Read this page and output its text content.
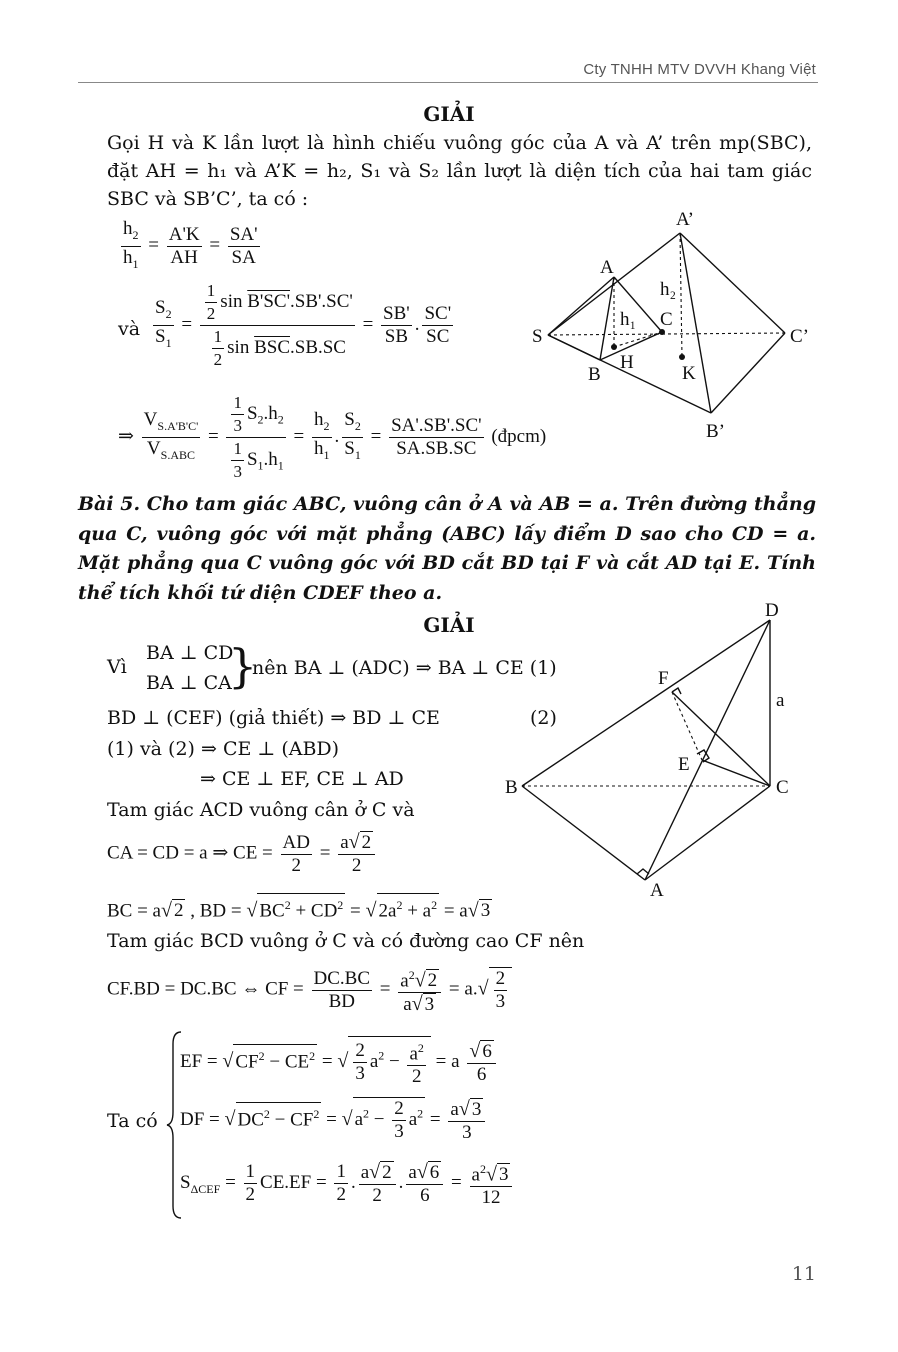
Cty TNHH MTV DVVH Khang Việt
GIẢI
Gọi H và K lần lượt là hình chiếu vuông góc của A và A’ trên mp(SBC), đặt AH = h₁ và A’K = h₂, S₁ và S₂ lần lượt là diện tích của hai tam giác SBC và SB’C’, ta có :
$\frac{h_2}{h_1} = \frac{A'K}{AH} = \frac{SA'}{SA}$
và $\frac{S_2}{S_1} = \frac{\frac{1}{2} \sin B'SC'.SB'.SC'}{\frac{1}{2} \sin \overline{BSC}.SB.SC} = \frac{SB'}{SB}$ . $\frac{SC'}{SC}$
⇒ $\frac{V_{S.A'B'C'}}{V_{S.ABC}} = \frac{\frac{1}{3} S_2.h_2}{\frac{1}{3} S_1.h_1} = \frac{h_2}{h_1}$ . $\frac{S_2}{S_1} = \frac{SA'.SB'.SC'}{SA.SB.SC}$ (đpcm)
A’
A
h₂
h₁ C
S	C’
H
B	K
B’
Bài 5. Cho tam giác ABC, vuông cân ở A và AB = a. Trên đường thẳng qua C, vuông góc với mặt phẳng (ABC) lấy điểm D sao cho CD = a. Mặt phẳng qua C vuông góc với BD cắt BD tại F và cắt AD tại E. Tính thể tích khối tứ diện CDEF theo a.
GIẢI
Vì
BA ⊥ CD
BA ⊥ CA
}
nên BA ⊥ (ADC) ⇒ BA ⊥ CE (1)
BD ⊥ (CEF) (giả thiết) ⇒ BD ⊥ CE	(2)
(1) và (2) ⇒ CE ⊥ (ABD)
⇒ CE ⊥ EF, CE ⊥ AD
Tam giác ACD vuông cân ở C và
CA = CD = a ⇒ CE = $\frac{AD}{2} = \frac{a√ 2}{2}$
BC = a√ 2 , BD = √ $BC^2 + CD^2$ = √ $2a^2 + a^2 = a√$ 3
Tam giác BCD vuông ở C và có đường cao CF nên
CF.BD = DC.BC ⇔ CF = $\frac{DC.BC}{BD} = \frac{a^2√ 2}{a√ 3} = a.√ \frac{2}{3}$
Ta có
EF = √ $CF^2 - CE^2$ = √ $\frac{2}{3} a^2 - \frac{a^2}{2} = a \frac{√ 6}{6}$
DF = √ $DC^2 - CF^2$ = √ $a^2 - \frac{2}{3} a^2 = \frac{a√ 3}{3}$
$S_{\Delta CEF} = \frac{1}{2} CE.EF = \frac{1}{2}$ . $\frac{a√ 2}{2}$ . $\frac{a√ 6}{6} = \frac{a^2√ 3}{12}$
D
F
a
E
B	C
A
11
